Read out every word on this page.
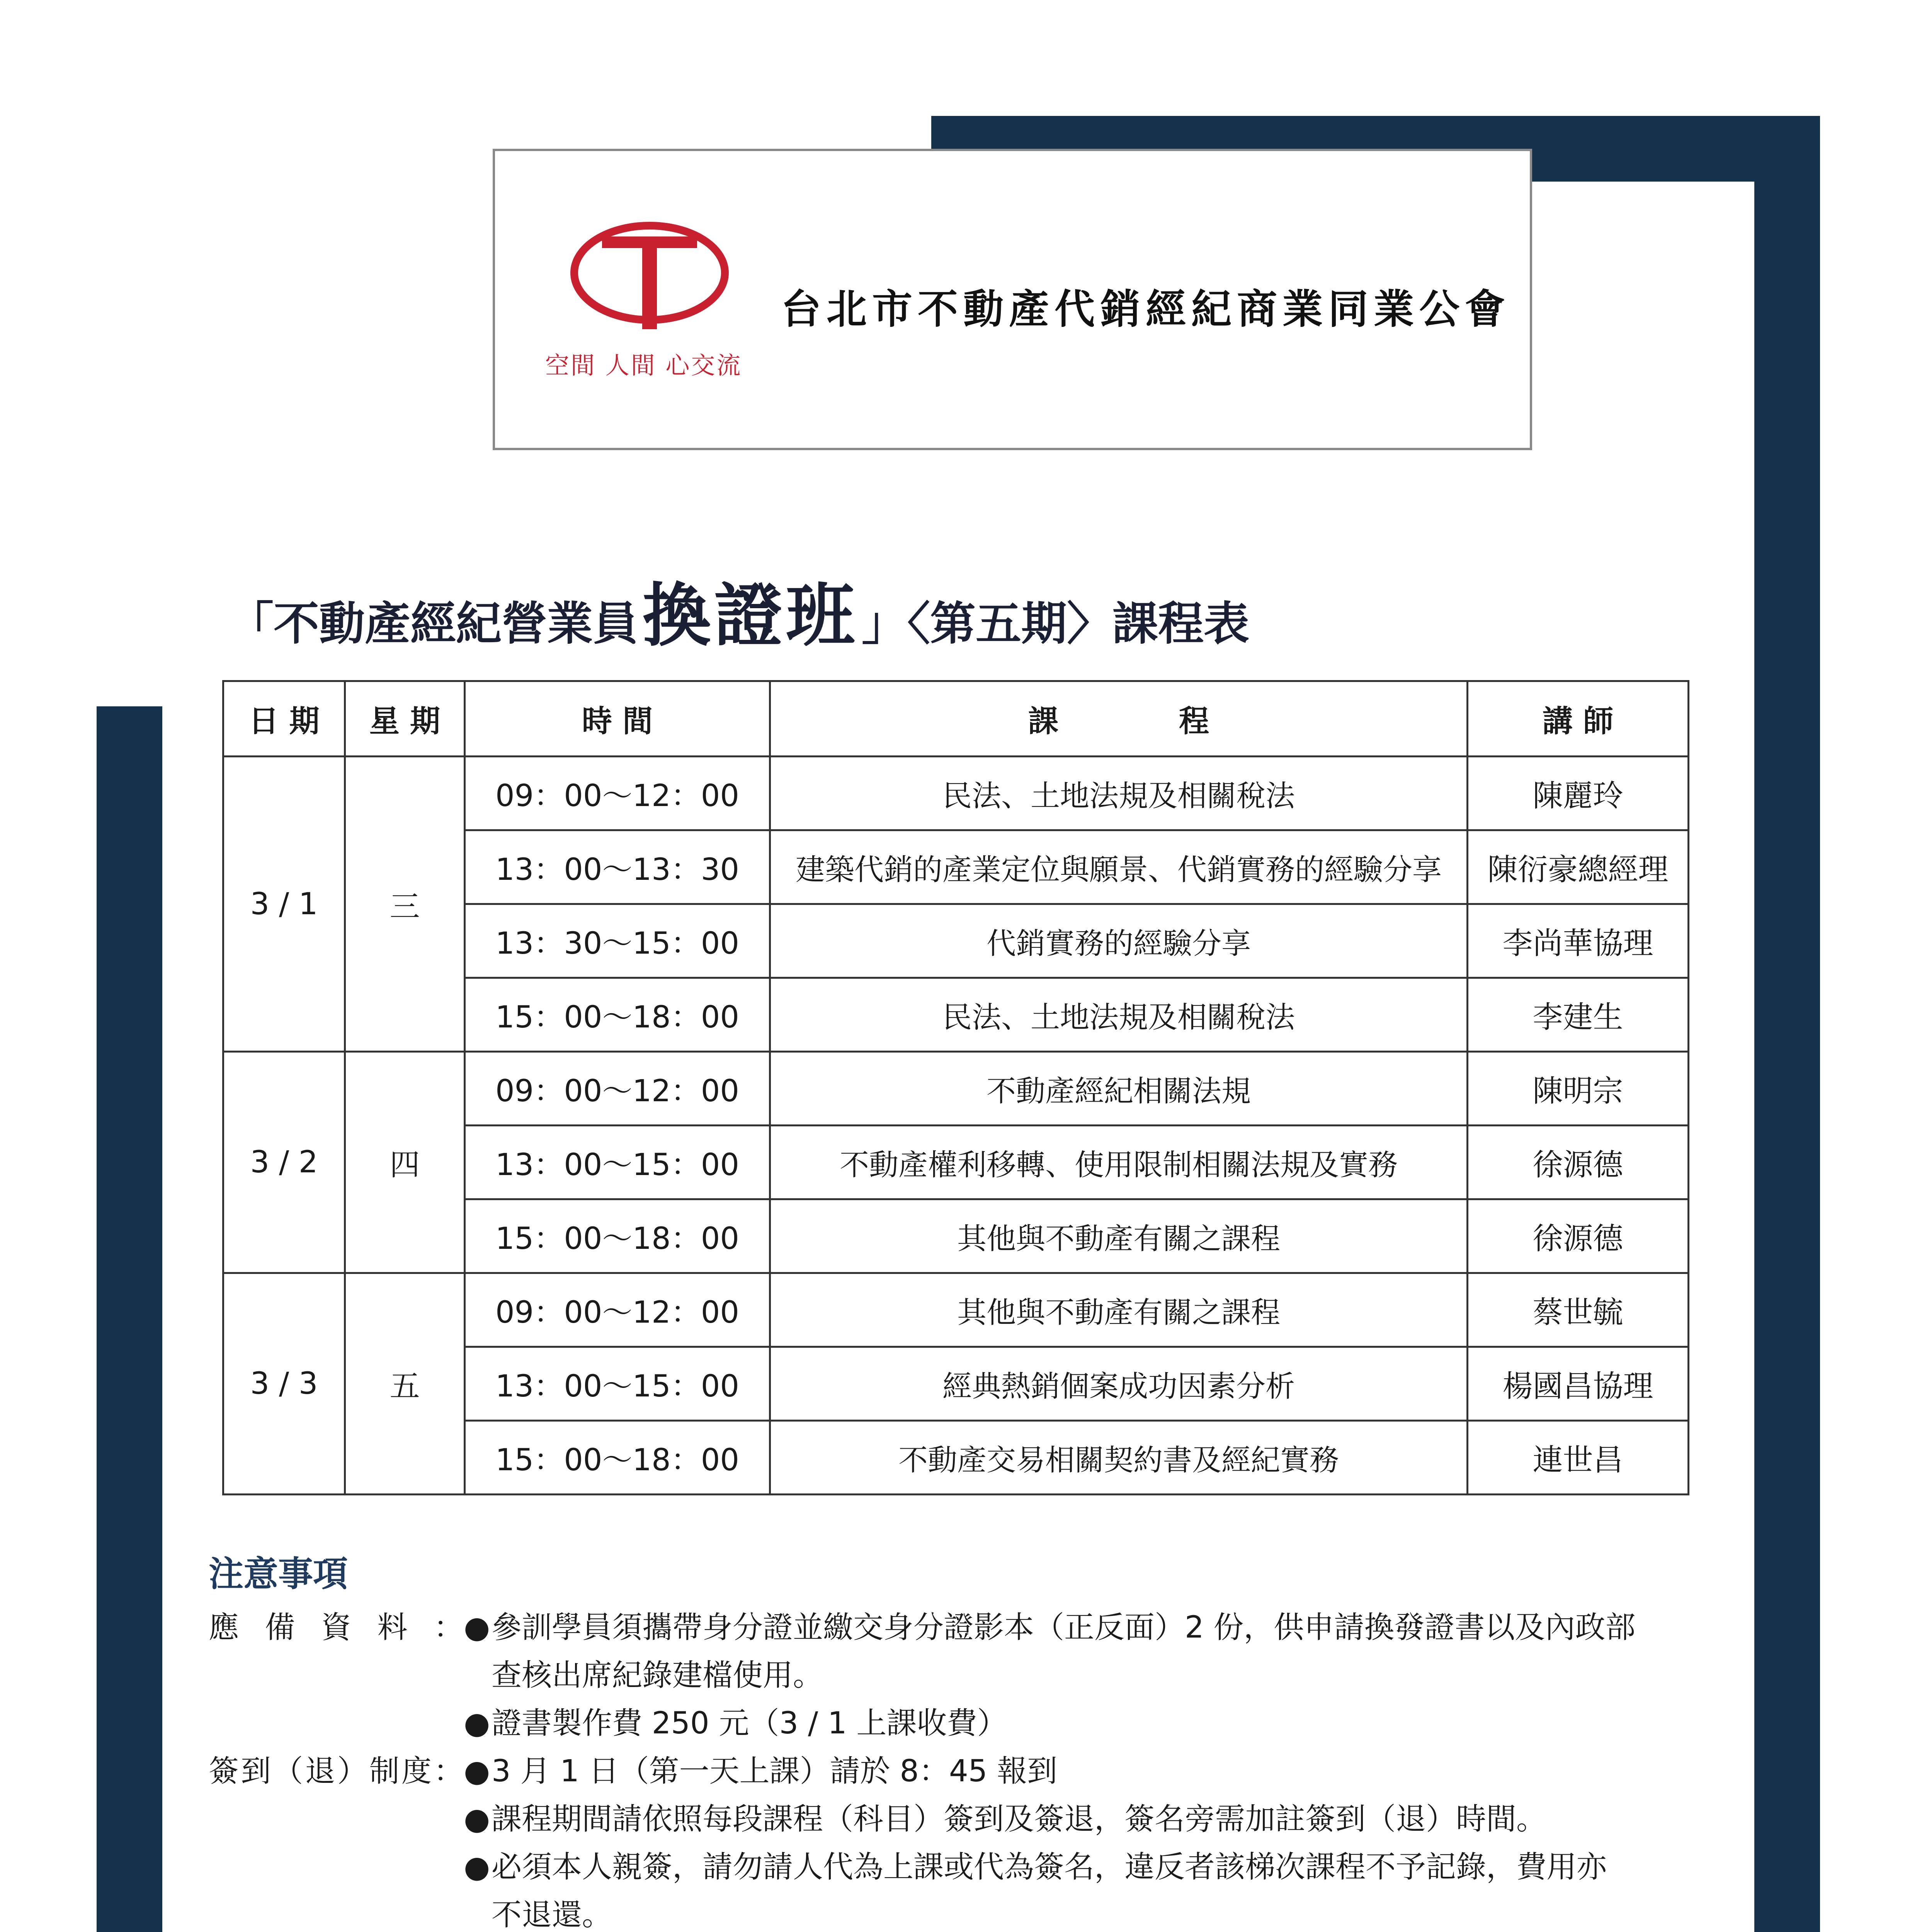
空間 人間 心交流
台北市不動產代銷經紀商業同業公會
「不動產經紀營業員換證班」〈第五期〉課程表
日 期	星 期	時 間	課　　　　程	講 師
3 / 1	三	09：00～12：00	民法、土地法規及相關稅法	陳麗玲
		13：00～13：30	建築代銷的產業定位與願景、代銷實務的經驗分享	陳衍豪總經理
		13：30～15：00	代銷實務的經驗分享	李尚華協理
		15：00～18：00	民法、土地法規及相關稅法	李建生
3 / 2	四	09：00～12：00	不動產經紀相關法規	陳明宗
		13：00～15：00	不動產權利移轉、使用限制相關法規及實務	徐源德
		15：00～18：00	其他與不動產有關之課程	徐源德
3 / 3	五	09：00～12：00	其他與不動產有關之課程	蔡世毓
		13：00～15：00	經典熱銷個案成功因素分析	楊國昌協理
		15：00～18：00	不動產交易相關契約書及經紀實務	連世昌
注意事項
應備資料： ● 參訓學員須攜帶身分證並繳交身分證影本（正反面）2 份，供申請換發證書以及內政部
查核出席紀錄建檔使用。
● 證書製作費 250 元（3 / 1 上課收費）
簽到（退）制度： ● 3 月 1 日（第一天上課）請於 8：45 報到
● 課程期間請依照每段課程（科目）簽到及簽退，簽名旁需加註簽到（退）時間。
● 必須本人親簽，請勿請人代為上課或代為簽名，違反者該梯次課程不予記錄，費用亦
不退還。
